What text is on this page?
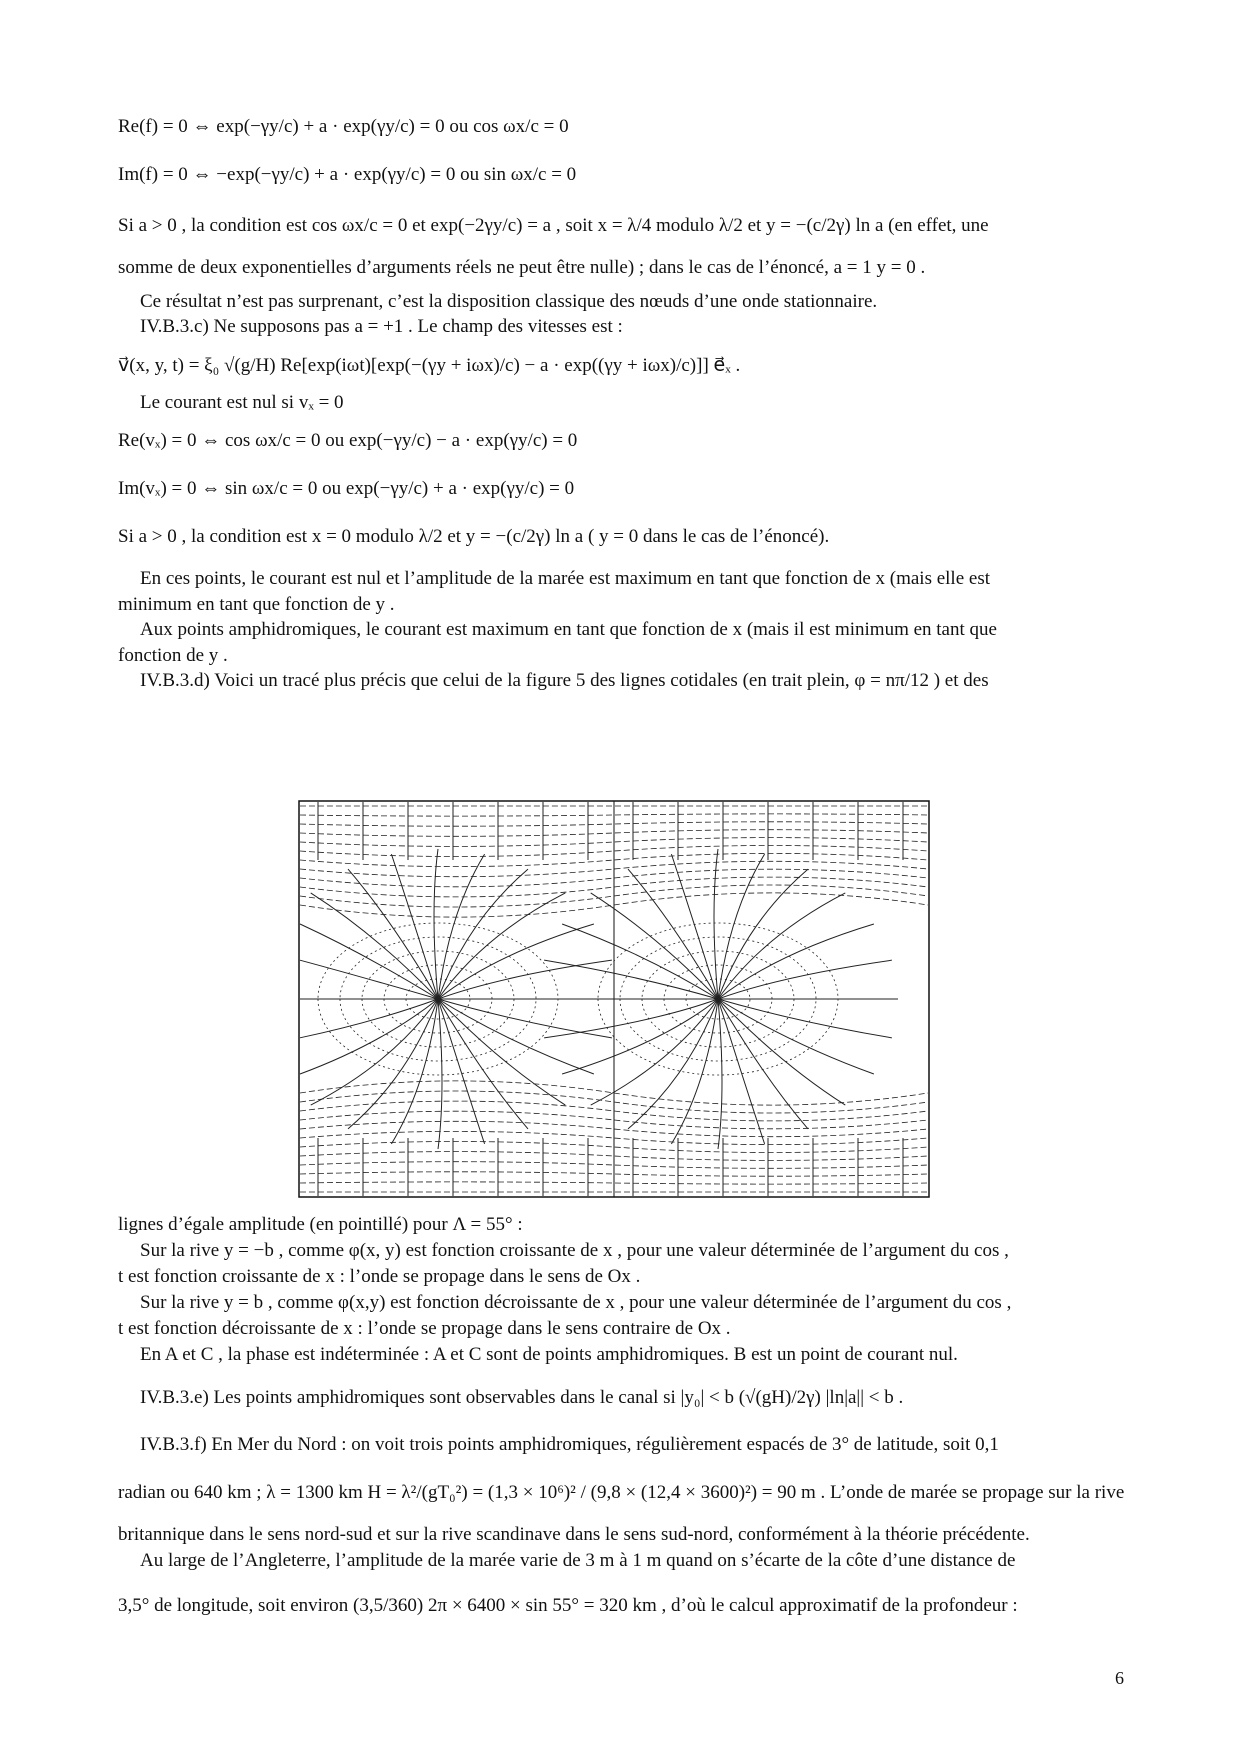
Re(f) = 0 ⇔ exp(−γy/c) + a · exp(γy/c) = 0 ou cos ωx/c = 0
Im(f) = 0 ⇔ −exp(−γy/c) + a · exp(γy/c) = 0 ou sin ωx/c = 0
Si a > 0 , la condition est cos ωx/c = 0 et exp(−2γy/c) = a , soit x = λ/4 modulo λ/2 et y = −(c/2γ) ln a (en effet, une
somme de deux exponentielles d’arguments réels ne peut être nulle) ; dans le cas de l’énoncé, a = 1 y = 0 .
Ce résultat n’est pas surprenant, c’est la disposition classique des nœuds d’une onde stationnaire.
IV.B.3.c) Ne supposons pas a = +1 . Le champ des vitesses est :
v⃗(x, y, t) = ξ₀ √(g/H) Re[exp(iωt)[exp(−(γy + iωx)/c) − a · exp((γy + iωx)/c)]] e⃗ₓ .
Le courant est nul si vₓ = 0
Re(vₓ) = 0 ⇔ cos ωx/c = 0 ou exp(−γy/c) − a · exp(γy/c) = 0
Im(vₓ) = 0 ⇔ sin ωx/c = 0 ou exp(−γy/c) + a · exp(γy/c) = 0
Si a > 0 , la condition est x = 0 modulo λ/2 et y = −(c/2γ) ln a ( y = 0 dans le cas de l’énoncé).
En ces points, le courant est nul et l’amplitude de la marée est maximum en tant que fonction de x (mais elle est
minimum en tant que fonction de y .
Aux points amphidromiques, le courant est maximum en tant que fonction de x (mais il est minimum en tant que
fonction de y .
IV.B.3.d) Voici un tracé plus précis que celui de la figure 5 des lignes cotidales (en trait plein, φ = nπ/12 ) et des
lignes d’égale amplitude (en pointillé) pour Λ = 55° :
Sur la rive y = −b , comme φ(x, y) est fonction croissante de x , pour une valeur déterminée de l’argument du cos ,
t est fonction croissante de x : l’onde se propage dans le sens de Ox .
Sur la rive y = b , comme φ(x,y) est fonction décroissante de x , pour une valeur déterminée de l’argument du cos ,
t est fonction décroissante de x : l’onde se propage dans le sens contraire de Ox .
En A et C , la phase est indéterminée : A et C sont de points amphidromiques. B est un point de courant nul.
IV.B.3.e) Les points amphidromiques sont observables dans le canal si |y₀| < b (√(gH)/2γ) |ln|a|| < b .
IV.B.3.f) En Mer du Nord : on voit trois points amphidromiques, régulièrement espacés de 3° de latitude, soit 0,1
radian ou 640 km ; λ = 1300 km H = λ²/(gT₀²) = (1,3 × 10⁶)² / (9,8 × (12,4 × 3600)²) = 90 m . L’onde de marée se propage sur la rive
britannique dans le sens nord-sud et sur la rive scandinave dans le sens sud-nord, conformément à la théorie précédente.
Au large de l’Angleterre, l’amplitude de la marée varie de 3 m à 1 m quand on s’écarte de la côte d’une distance de
3,5° de longitude, soit environ (3,5/360) 2π × 6400 × sin 55° = 320 km , d’où le calcul approximatif de la profondeur :
6
